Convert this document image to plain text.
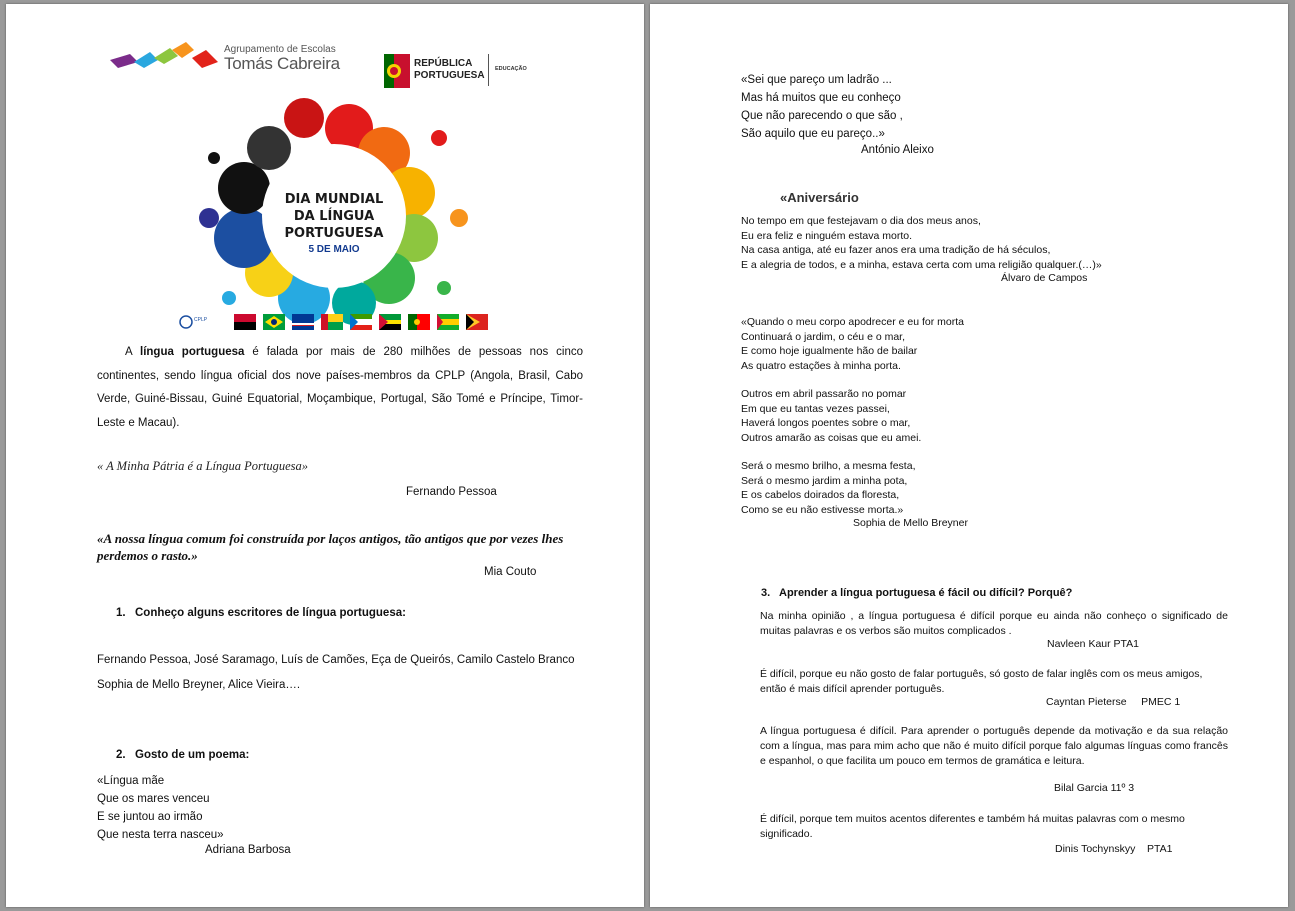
Agrupamento de Escolas
Tomás Cabreira	REPÚBLICA
PORTUGUESA
EDUCAÇÃO
DIA MUNDIAL
DA LÍNGUA
PORTUGUESA
5 DE MAIO
CPLP
A língua portuguesa é falada por mais de 280 milhões de pessoas nos cinco continentes, sendo língua oficial dos nove países-membros da CPLP (Angola, Brasil, Cabo Verde, Guiné-Bissau, Guiné Equatorial, Moçambique, Portugal, São Tomé e Príncipe, Timor-Leste e Macau).
« A Minha Pátria é a Língua Portuguesa»
Fernando Pessoa
«A nossa língua comum foi construída por laços antigos, tão antigos que por vezes lhes perdemos o rasto.»
Mia Couto
1. Conheço alguns escritores de língua portuguesa:
Fernando Pessoa, José Saramago, Luís de Camões, Eça de Queirós, Camilo Castelo Branco
Sophia de Mello Breyner, Alice Vieira….
2. Gosto de um poema:
«Língua mãe
Que os mares venceu
E se juntou ao irmão
Que nesta terra nasceu»
Adriana Barbosa
«Sei que pareço um ladrão ...
Mas há muitos que eu conheço
Que não parecendo o que são ,
São aquilo que eu pareço..»
António Aleixo
«Aniversário
No tempo em que festejavam o dia dos meus anos,
Eu era feliz e ninguém estava morto.
Na casa antiga, até eu fazer anos era uma tradição de há séculos,
E a alegria de todos, e a minha, estava certa com uma religião qualquer.(…)»
Álvaro de Campos
«Quando o meu corpo apodrecer e eu for morta
Continuará o jardim, o céu e o mar,
E como hoje igualmente hão de bailar
As quatro estações à minha porta.
Outros em abril passarão no pomar
Em que eu tantas vezes passei,
Haverá longos poentes sobre o mar,
Outros amarão as coisas que eu amei.
Será o mesmo brilho, a mesma festa,
Será o mesmo jardim a minha pota,
E os cabelos doirados da floresta,
Como se eu não estivesse morta.»
Sophia de Mello Breyner
3. Aprender a língua portuguesa é fácil ou difícil? Porquê?
Na minha opinião , a língua portuguesa é difícil porque eu ainda não conheço o significado de muitas palavras e os verbos são muitos complicados .
Navleen Kaur PTA1
É difícil, porque eu não gosto de falar português, só gosto de falar inglês com os meus amigos, então é mais difícil aprender português.
Cayntan Pieterse     PMEC 1
A língua portuguesa é difícil. Para aprender o português depende da motivação e da sua relação com a língua, mas para mim acho que não é muito difícil porque falo algumas línguas como francês e espanhol, o que facilita um pouco em termos de gramática e leitura.
Bilal Garcia 11º 3
É difícil, porque tem muitos acentos diferentes e também há muitas palavras com o mesmo significado.
Dinis Tochynskyy    PTA1
